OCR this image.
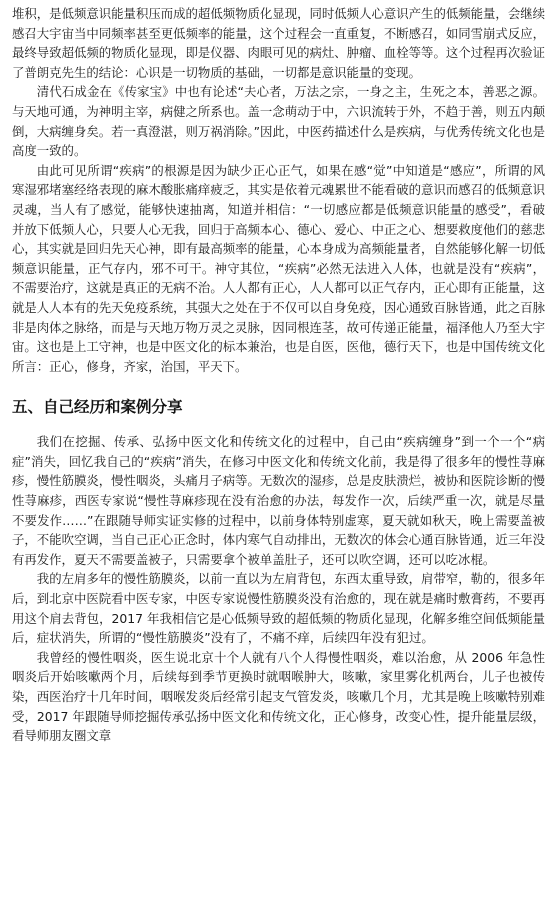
堆积，是低频意识能量积压而成的超低频物质化显现，同时低频人心意识产生的低频能量，会继续感召大宇宙当中同频率甚至更低频率的能量，这个过程会一直重复，不断感召，如同雪崩式反应，最终导致超低频的物质化显现，即是仪器、肉眼可见的病灶、肿瘤、血栓等等。这个过程再次验证了普朗克先生的结论：心识是一切物质的基础，一切都是意识能量的变现。

清代石成金在《传家宝》中也有论述“夫心者，万法之宗，一身之主，生死之本，善恶之源。与天地可通，为神明主宰，病健之所系也。盖一念萌动于中，六识流转于外，不趋于善，则五内颠倒，大病缠身矣。若一真澄湛，则万祸消除。”因此，中医药描述什么是疾病，与优秀传统文化也是高度一致的。

由此可见所谓“疾病”的根源是因为缺少正心正气，如果在感“觉”中知道是“感应”，所谓的风寒湿邪堵塞经络表现的麻木酸胀痛痒疲乏，其实是依着元魂累世不能看破的意识而感召的低频意识灵魂，当人有了感觉，能够快速抽离，知道并相信：“一切感应都是低频意识能量的感受”，看破并放下低频人心，只要人心无我，回归于高频本心、德心、爱心、中正之心、想要救度他们的慈悲心，其实就是回归先天心神，即有最高频率的能量，心本身成为高频能量者，自然能够化解一切低频意识能量，正气存内，邪不可干。神守其位，“疾病”必然无法进入人体，也就是没有“疾病”，不需要治疗，这就是真正的无病不治。人人都有正心，人人都可以正气存内，正心即有正能量，这就是人人本有的先天免疫系统，其强大之处在于不仅可以自身免疫，因心通致百脉皆通，此之百脉非是肉体之脉络，而是与天地万物万灵之灵脉，因同根连茎，故可传递正能量，福泽他人乃至大宇宙。这也是上工守神，也是中医文化的标本兼治，也是自医，医他，德行天下，也是中国传统文化所言：正心，修身，齐家，治国，平天下。

五、自己经历和案例分享

我们在挖掘、传承、弘扬中医文化和传统文化的过程中，自己由“疾病缠身”到一个一个“病症”消失，回忆我自己的“疾病”消失，在修习中医文化和传统文化前，我是得了很多年的慢性荨麻疹，慢性筋膜炎，慢性咽炎，头痛月子病等。无数次的湿疹，总是皮肤溃烂，被协和医院诊断的慢性荨麻疹，西医专家说“慢性荨麻疹现在没有治愈的办法，每发作一次，后续严重一次，就是尽量不要发作……”在跟随导师实证实修的过程中，以前身体特别虚寒，夏天就如秋天，晚上需要盖被子，不能吹空调，当自己正心正念时，体内寒气自动排出，无数次的体会心通百脉皆通，近三年没有再发作，夏天不需要盖被子，只需要拿个被单盖肚子，还可以吹空调，还可以吃冰棍。

我的左肩多年的慢性筋膜炎，以前一直以为左肩背包，东西太重导致，肩带窄，勒的，很多年后，到北京中医院看中医专家，中医专家说慢性筋膜炎没有治愈的，现在就是痛时敷膏药，不要再用这个肩去背包，2017 年我相信它是心低频导致的超低频的物质化显现，化解多维空间低频能量后，症状消失，所谓的“慢性筋膜炎”没有了，不痛不痒，后续四年没有犯过。

我曾经的慢性咽炎，医生说北京十个人就有八个人得慢性咽炎，难以治愈，从 2006 年急性咽炎后开始咳嗽两个月，后续每到季节更换时就咽喉肿大，咳嗽，家里雾化机两台，儿子也被传染，西医治疗十几年时间，咽喉发炎后经常引起支气管发炎，咳嗽几个月，尤其是晚上咳嗽特别难受，2017 年跟随导师挖掘传承弘扬中医文化和传统文化，正心修身，改变心性，提升能量层级，看导师朋友圈文章
